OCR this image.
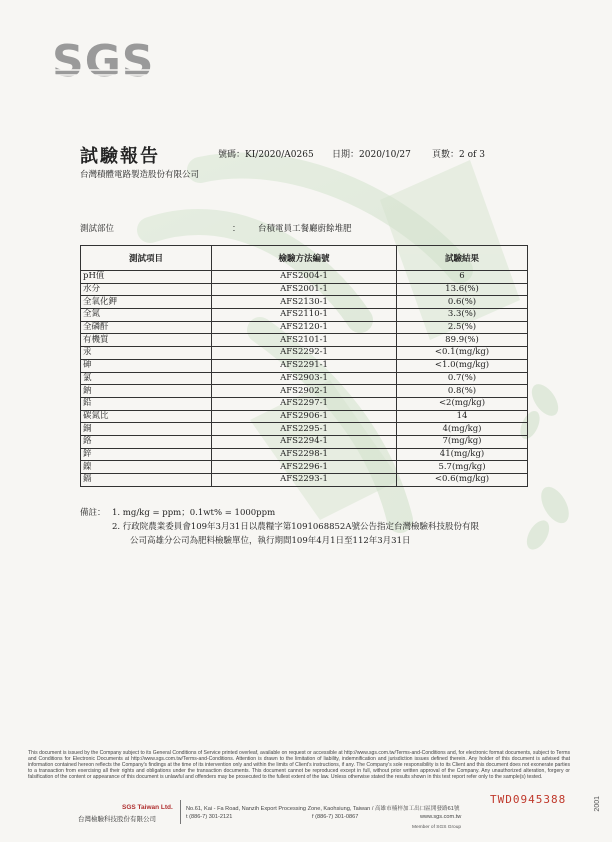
SGS
試驗報告	號碼：KI/2020/A0265 日期：2020/10/27 頁數：2 of 3
台灣積體電路製造股份有限公司
測試部位	： 台積電員工餐廳廚餘堆肥
測試項目	檢驗方法編號	試驗結果
pH值	AFS2004-1	6
水分	AFS2001-1	13.6(%)
全氧化鉀	AFS2130-1	0.6(%)
全氮	AFS2110-1	3.3(%)
全磷酐	AFS2120-1	2.5(%)
有機質	AFS2101-1	89.9(%)
汞	AFS2292-1	<0.1(mg/kg)
砷	AFS2291-1	<1.0(mg/kg)
氯	AFS2903-1	0.7(%)
鈉	AFS2902-1	0.8(%)
鉛	AFS2297-1	<2(mg/kg)
碳氮比	AFS2906-1	14
銅	AFS2295-1	4(mg/kg)
鉻	AFS2294-1	7(mg/kg)
鋅	AFS2298-1	41(mg/kg)
鎳	AFS2296-1	5.7(mg/kg)
鎘	AFS2293-1	<0.6(mg/kg)
備註： 1. mg/kg = ppm；0.1wt% = 1000ppm
2. 行政院農業委員會109年3月31日以農糧字第1091068852A號公告指定台灣檢驗科技股份有限
公司高雄分公司為肥料檢驗單位，執行期間109年4月1日至112年3月31日
This document is issued by the Company subject to its General Conditions of Service printed overleaf, available on request or accessible at http://www.sgs.com.tw/Terms-and-Conditions and, for electronic format documents, subject to Terms and Conditions for Electronic Documents at http://www.sgs.com.tw/Terms-and-Conditions. Attention is drawn to the limitation of liability, indemnification and jurisdiction issues defined therein. Any holder of this document is advised that information contained hereon reflects the Company's findings at the time of its intervention only and within the limits of Client's instructions, if any. The Company's sole responsibility is to its Client and this document does not exonerate parties to a transaction from exercising all their rights and obligations under the transaction documents. This document cannot be reproduced except in full, without prior written approval of the Company. Any unauthorized alteration, forgery or falsification of the content or appearance of this document is unlawful and offenders may be prosecuted to the fullest extent of the law. Unless otherwise stated the results shown in this test report refer only to the sample(s) tested.
SGS Taiwan Ltd.
台灣檢驗科技股份有限公司
No.61, Kai - Fa Road, Nanzih Export Processing Zone, Kaohsiung, Taiwan / 高雄市楠梓加工出口區開發路61號
t (886-7) 301-2121	f (886-7) 301-0867	www.sgs.com.tw
TWD0945388	2001
Member of SGS Group
